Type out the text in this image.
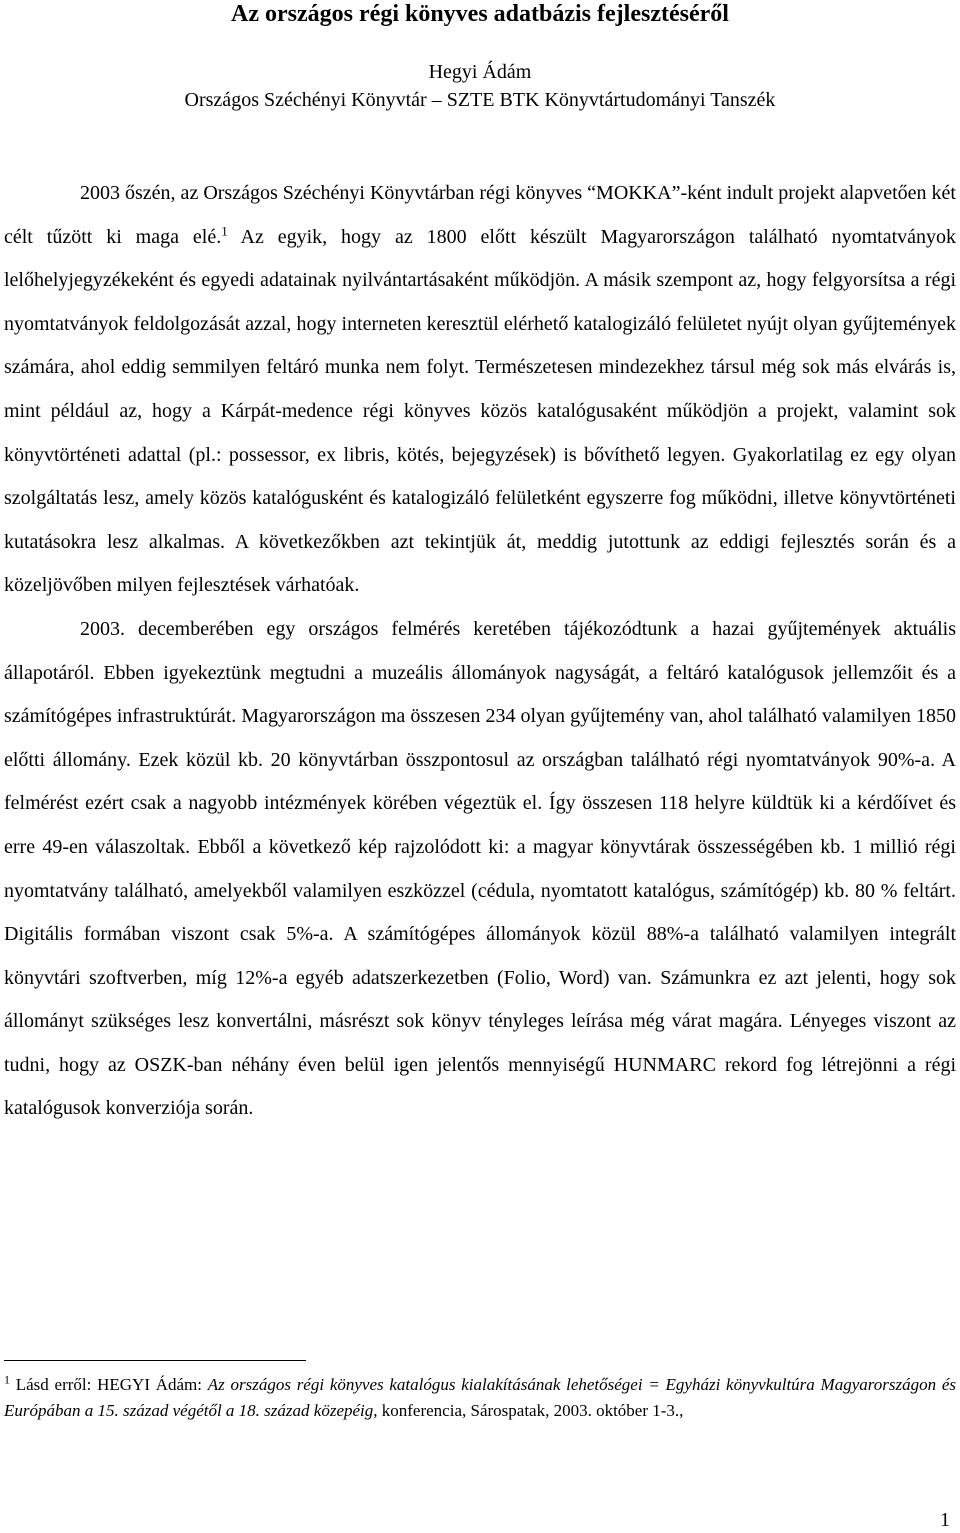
Az országos régi könyves adatbázis fejlesztéséről

Hegyi Ádám

Országos Széchényi Könyvtár – SZTE BTK Könyvtártudományi Tanszék

2003 őszén, az Országos Széchényi Könyvtárban régi könyves “MOKKA”-ként indult projekt alapvetően két célt tűzött ki maga elé.$^1$ Az egyik, hogy az 1800 előtt készült Magyarországon található nyomtatványok lelőhelyjegyzékeként és egyedi adatainak nyilvántartásaként működjön. A másik szempont az, hogy felgyorsítsa a régi nyomtatványok feldolgozását azzal, hogy interneten keresztül elérhető katalogizáló felületet nyújt olyan gyűjtemények számára, ahol eddig semmilyen feltáró munka nem folyt. Természetesen mindezekhez társul még sok más elvárás is, mint például az, hogy a Kárpát-medence régi könyves közös katalógusaként működjön a projekt, valamint sok könyvtörténeti adattal (pl.: possessor, ex libris, kötés, bejegyzések) is bővíthető legyen. Gyakorlatilag ez egy olyan szolgáltatás lesz, amely közös katalógusként és katalogizáló felületként egyszerre fog működni, illetve könyvtörténeti kutatásokra lesz alkalmas. A következőkben azt tekintjük át, meddig jutottunk az eddigi fejlesztés során és a közeljövőben milyen fejlesztések várhatóak.

2003. decemberében egy országos felmérés keretében tájékozódtunk a hazai gyűjtemények aktuális állapotáról. Ebben igyekeztünk megtudni a muzeális állományok nagyságát, a feltáró katalógusok jellemzőit és a számítógépes infrastruktúrát. Magyarországon ma összesen 234 olyan gyűjtemény van, ahol található valamilyen 1850 előtti állomány. Ezek közül kb. 20 könyvtárban összpontosul az országban található régi nyomtatványok 90%-a. A felmérést ezért csak a nagyobb intézmények körében végeztük el. Így összesen 118 helyre küldtük ki a kérdőívet és erre 49-en válaszoltak. Ebből a következő kép rajzolódott ki: a magyar könyvtárak összességében kb. 1 millió régi nyomtatvány található, amelyekből valamilyen eszközzel (cédula, nyomtatott katalógus, számítógép) kb. 80 % feltárt. Digitális formában viszont csak 5%-a. A számítógépes állományok közül 88%-a található valamilyen integrált könyvtári szoftverben, míg 12%-a egyéb adatszerkezetben (Folio, Word) van. Számunkra ez azt jelenti, hogy sok állományt szükséges lesz konvertálni, másrészt sok könyv tényleges leírása még várat magára. Lényeges viszont az tudni, hogy az OSZK-ban néhány éven belül igen jelentős mennyiségű HUNMARC rekord fog létrejönni a régi katalógusok konverziója során.

$^1$ Lásd erről: HEGYI Ádám: Az országos régi könyves katalógus kialakításának lehetőségei = Egyházi könyvkultúra Magyarországon és Európában a 15. század végétől a 18. század közepéig, konferencia, Sárospatak, 2003. október 1-3.,

1
